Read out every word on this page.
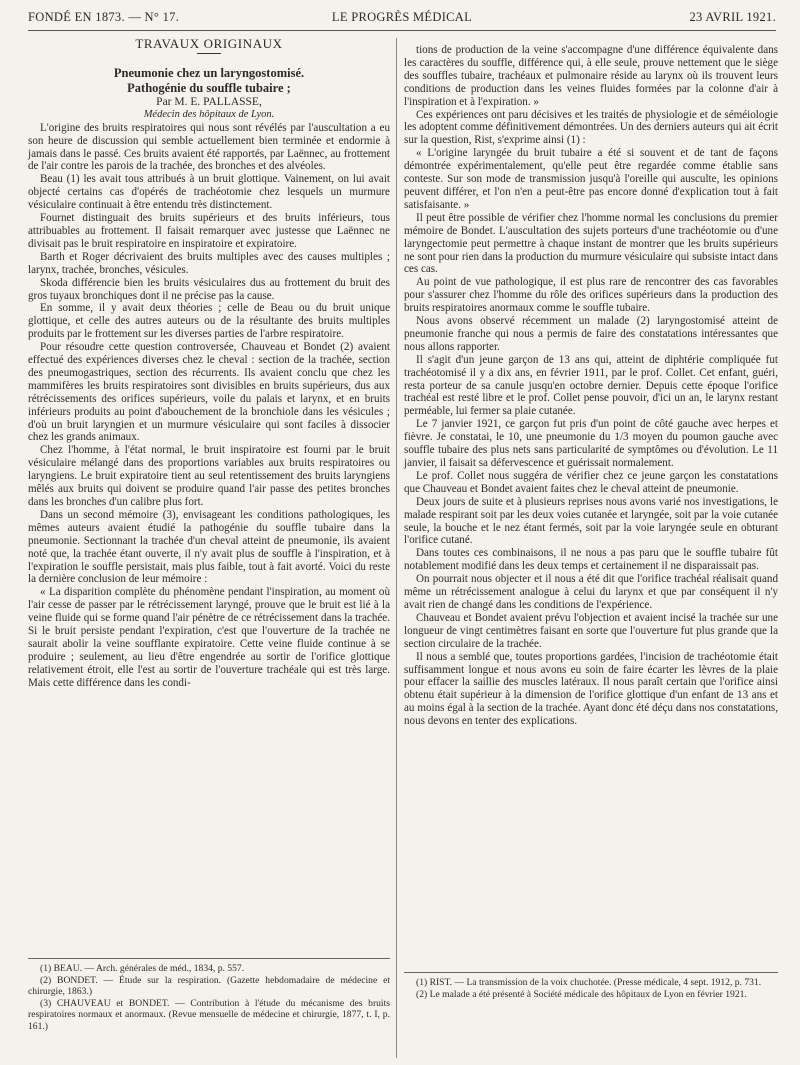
FONDÉ EN 1873. — N° 17.	LE PROGRÈS MÉDICAL	23 AVRIL 1921.

TRAVAUX ORIGINAUX

Pneumonie chez un laryngostomisé.

Pathogénie du souffle tubaire ;

Par M. E. PALLASSE,

Médecin des hôpitaux de Lyon.

L'origine des bruits respiratoires qui nous sont révélés par l'auscultation a eu son heure de discussion qui semble actuellement bien terminée et endormie à jamais dans le passé. Ces bruits avaient été rapportés, par Laënnec, au frottement de l'air contre les parois de la trachée, des bronches et des alvéoles.

Beau (1) les avait tous attribués à un bruit glottique. Vainement, on lui avait objecté certains cas d'opérés de trachéotomie chez lesquels un murmure vésiculaire continuait à être entendu très distinctement.

Fournet distinguait des bruits supérieurs et des bruits inférieurs, tous attribuables au frottement. Il faisait remarquer avec justesse que Laënnec ne divisait pas le bruit respiratoire en inspiratoire et expiratoire.

Barth et Roger décrivaient des bruits multiples avec des causes multiples ; larynx, trachée, bronches, vésicules.

Skoda différencie bien les bruits vésiculaires dus au frottement du bruit des gros tuyaux bronchiques dont il ne précise pas la cause.

En somme, il y avait deux théories ; celle de Beau ou du bruit unique glottique, et celle des autres auteurs ou de la résultante des bruits multiples produits par le frottement sur les diverses parties de l'arbre respiratoire.

Pour résoudre cette question controversée, Chauveau et Bondet (2) avaient effectué des expériences diverses chez le cheval : section de la trachée, section des pneumogastriques, section des récurrents. Ils avaient conclu que chez les mammifères les bruits respiratoires sont divisibles en bruits supérieurs, dus aux rétrécissements des orifices supérieurs, voile du palais et larynx, et en bruits inférieurs produits au point d'abouchement de la bronchiole dans les vésicules ; d'où un bruit laryngien et un murmure vésiculaire qui sont faciles à dissocier chez les grands animaux.

Chez l'homme, à l'état normal, le bruit inspiratoire est fourni par le bruit vésiculaire mélangé dans des proportions variables aux bruits respiratoires ou laryngiens. Le bruit expiratoire tient au seul retentissement des bruits laryngiens mêlés aux bruits qui doivent se produire quand l'air passe des petites bronches dans les bronches d'un calibre plus fort.

Dans un second mémoire (3), envisageant les conditions pathologiques, les mêmes auteurs avaient étudié la pathogénie du souffle tubaire dans la pneumonie. Sectionnant la trachée d'un cheval atteint de pneumonie, ils avaient noté que, la trachée étant ouverte, il n'y avait plus de souffle à l'inspiration, et à l'expiration le souffle persistait, mais plus faible, tout à fait avorté. Voici du reste la dernière conclusion de leur mémoire :

« La disparition complète du phénomène pendant l'inspiration, au moment où l'air cesse de passer par le rétrécissement laryngé, prouve que le bruit est lié à la veine fluide qui se forme quand l'air pénètre de ce rétrécissement dans la trachée. Si le bruit persiste pendant l'expiration, c'est que l'ouverture de la trachée ne saurait abolir la veine soufflante expiratoire. Cette veine fluide continue à se produire ; seulement, au lieu d'être engendrée au sortir de l'orifice glottique relativement étroit, elle l'est au sortir de l'ouverture trachéale qui est très large. Mais cette différence dans les condi-

(1) BEAU. — Arch. générales de méd., 1834, p. 557.

(2) BONDET. — Étude sur la respiration. (Gazette hebdomadaire de médecine et chirurgie, 1863.)

(3) CHAUVEAU et BONDET. — Contribution à l'étude du mécanisme des bruits respiratoires normaux et anormaux. (Revue mensuelle de médecine et chirurgie, 1877, t. I, p. 161.)

tions de production de la veine s'accompagne d'une différence équivalente dans les caractères du souffle, différence qui, à elle seule, prouve nettement que le siège des souffles tubaire, trachéaux et pulmonaire réside au larynx où ils trouvent leurs conditions de production dans les veines fluides formées par la colonne d'air à l'inspiration et à l'expiration. »

Ces expériences ont paru décisives et les traités de physiologie et de séméiologie les adoptent comme définitivement démontrées. Un des derniers auteurs qui ait écrit sur la question, Rist, s'exprime ainsi (1) :

« L'origine laryngée du bruit tubaire a été si souvent et de tant de façons démontrée expérimentalement, qu'elle peut être regardée comme établie sans conteste. Sur son mode de transmission jusqu'à l'oreille qui ausculte, les opinions peuvent différer, et l'on n'en a peut-être pas encore donné d'explication tout à fait satisfaisante. »

Il peut être possible de vérifier chez l'homme normal les conclusions du premier mémoire de Bondet. L'auscultation des sujets porteurs d'une trachéotomie ou d'une laryngectomie peut permettre à chaque instant de montrer que les bruits supérieurs ne sont pour rien dans la production du murmure vésiculaire qui subsiste intact dans ces cas.

Au point de vue pathologique, il est plus rare de rencontrer des cas favorables pour s'assurer chez l'homme du rôle des orifices supérieurs dans la production des bruits respiratoires anormaux comme le souffle tubaire.

Nous avons observé récemment un malade (2) laryngostomisé atteint de pneumonie franche qui nous a permis de faire des constatations intéressantes que nous allons rapporter.

Il s'agit d'un jeune garçon de 13 ans qui, atteint de diphtérie compliquée fut trachéotomisé il y a dix ans, en février 1911, par le prof. Collet. Cet enfant, guéri, resta porteur de sa canule jusqu'en octobre dernier. Depuis cette époque l'orifice trachéal est resté libre et le prof. Collet pense pouvoir, d'ici un an, le larynx restant perméable, lui fermer sa plaie cutanée.

Le 7 janvier 1921, ce garçon fut pris d'un point de côté gauche avec herpes et fièvre. Je constatai, le 10, une pneumonie du 1/3 moyen du poumon gauche avec souffle tubaire des plus nets sans particularité de symptômes ou d'évolution. Le 11 janvier, il faisait sa défervescence et guérissait normalement.

Le prof. Collet nous suggéra de vérifier chez ce jeune garçon les constatations que Chauveau et Bondet avaient faites chez le cheval atteint de pneumonie.

Deux jours de suite et à plusieurs reprises nous avons varié nos investigations, le malade respirant soit par les deux voies cutanée et laryngée, soit par la voie cutanée seule, la bouche et le nez étant fermés, soit par la voie laryngée seule en obturant l'orifice cutané.

Dans toutes ces combinaisons, il ne nous a pas paru que le souffle tubaire fût notablement modifié dans les deux temps et certainement il ne disparaissait pas.

On pourrait nous objecter et il nous a été dit que l'orifice trachéal réalisait quand même un rétrécissement analogue à celui du larynx et que par conséquent il n'y avait rien de changé dans les conditions de l'expérience.

Chauveau et Bondet avaient prévu l'objection et avaient incisé la trachée sur une longueur de vingt centimètres faisant en sorte que l'ouverture fut plus grande que la section circulaire de la trachée.

Il nous a semblé que, toutes proportions gardées, l'incision de trachéotomie était suffisamment longue et nous avons eu soin de faire écarter les lèvres de la plaie pour effacer la saillie des muscles latéraux. Il nous paraît certain que l'orifice ainsi obtenu était supérieur à la dimension de l'orifice glottique d'un enfant de 13 ans et au moins égal à la section de la trachée. Ayant donc été déçu dans nos constatations, nous devons en tenter des explications.

(1) RIST. — La transmission de la voix chuchotée. (Presse médicale, 4 sept. 1912, p. 731.

(2) Le malade a été présenté à Société médicale des hôpitaux de Lyon en février 1921.
